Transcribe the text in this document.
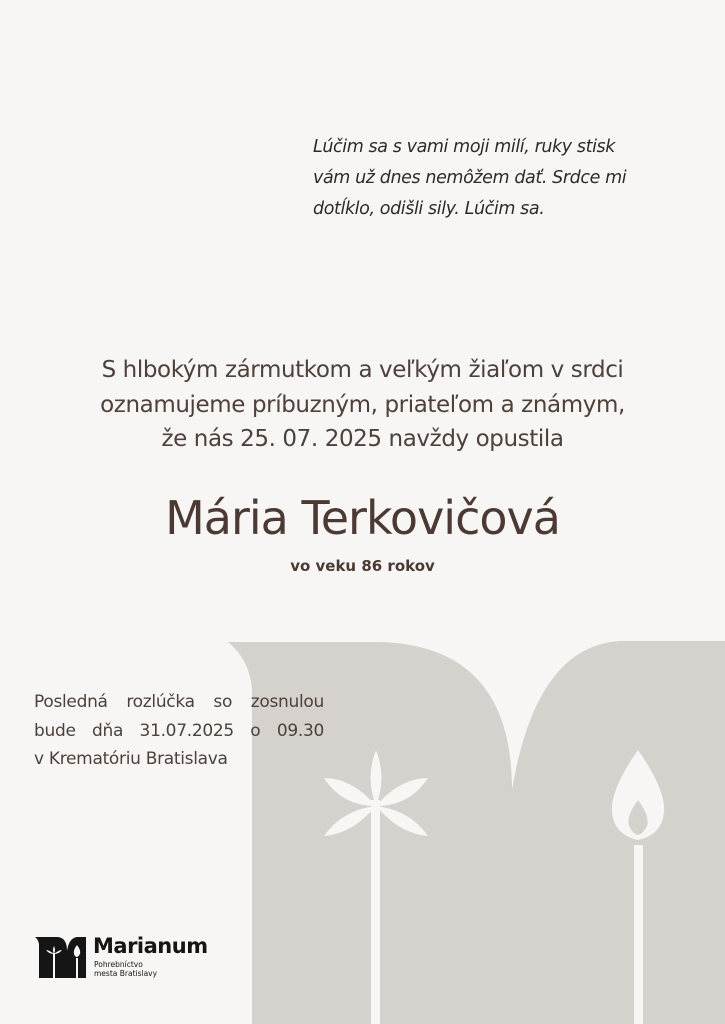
Lúčim sa s vami moji milí, ruky stisk
vám už dnes nemôžem dať. Srdce mi
dotĺklo, odišli sily. Lúčim sa.
S hlbokým zármutkom a veľkým žiaľom v srdci
oznamujeme príbuzným, priateľom a známym,
že nás 25. 07. 2025 navždy opustila
Mária Terkovičová
vo veku 86 rokov
Posledná rozlúčka so zosnulou
bude dňa 31.07.2025 o 09.30
v Krematóriu Bratislava
Marianum
Pohrebníctvo
mesta Bratislavy
